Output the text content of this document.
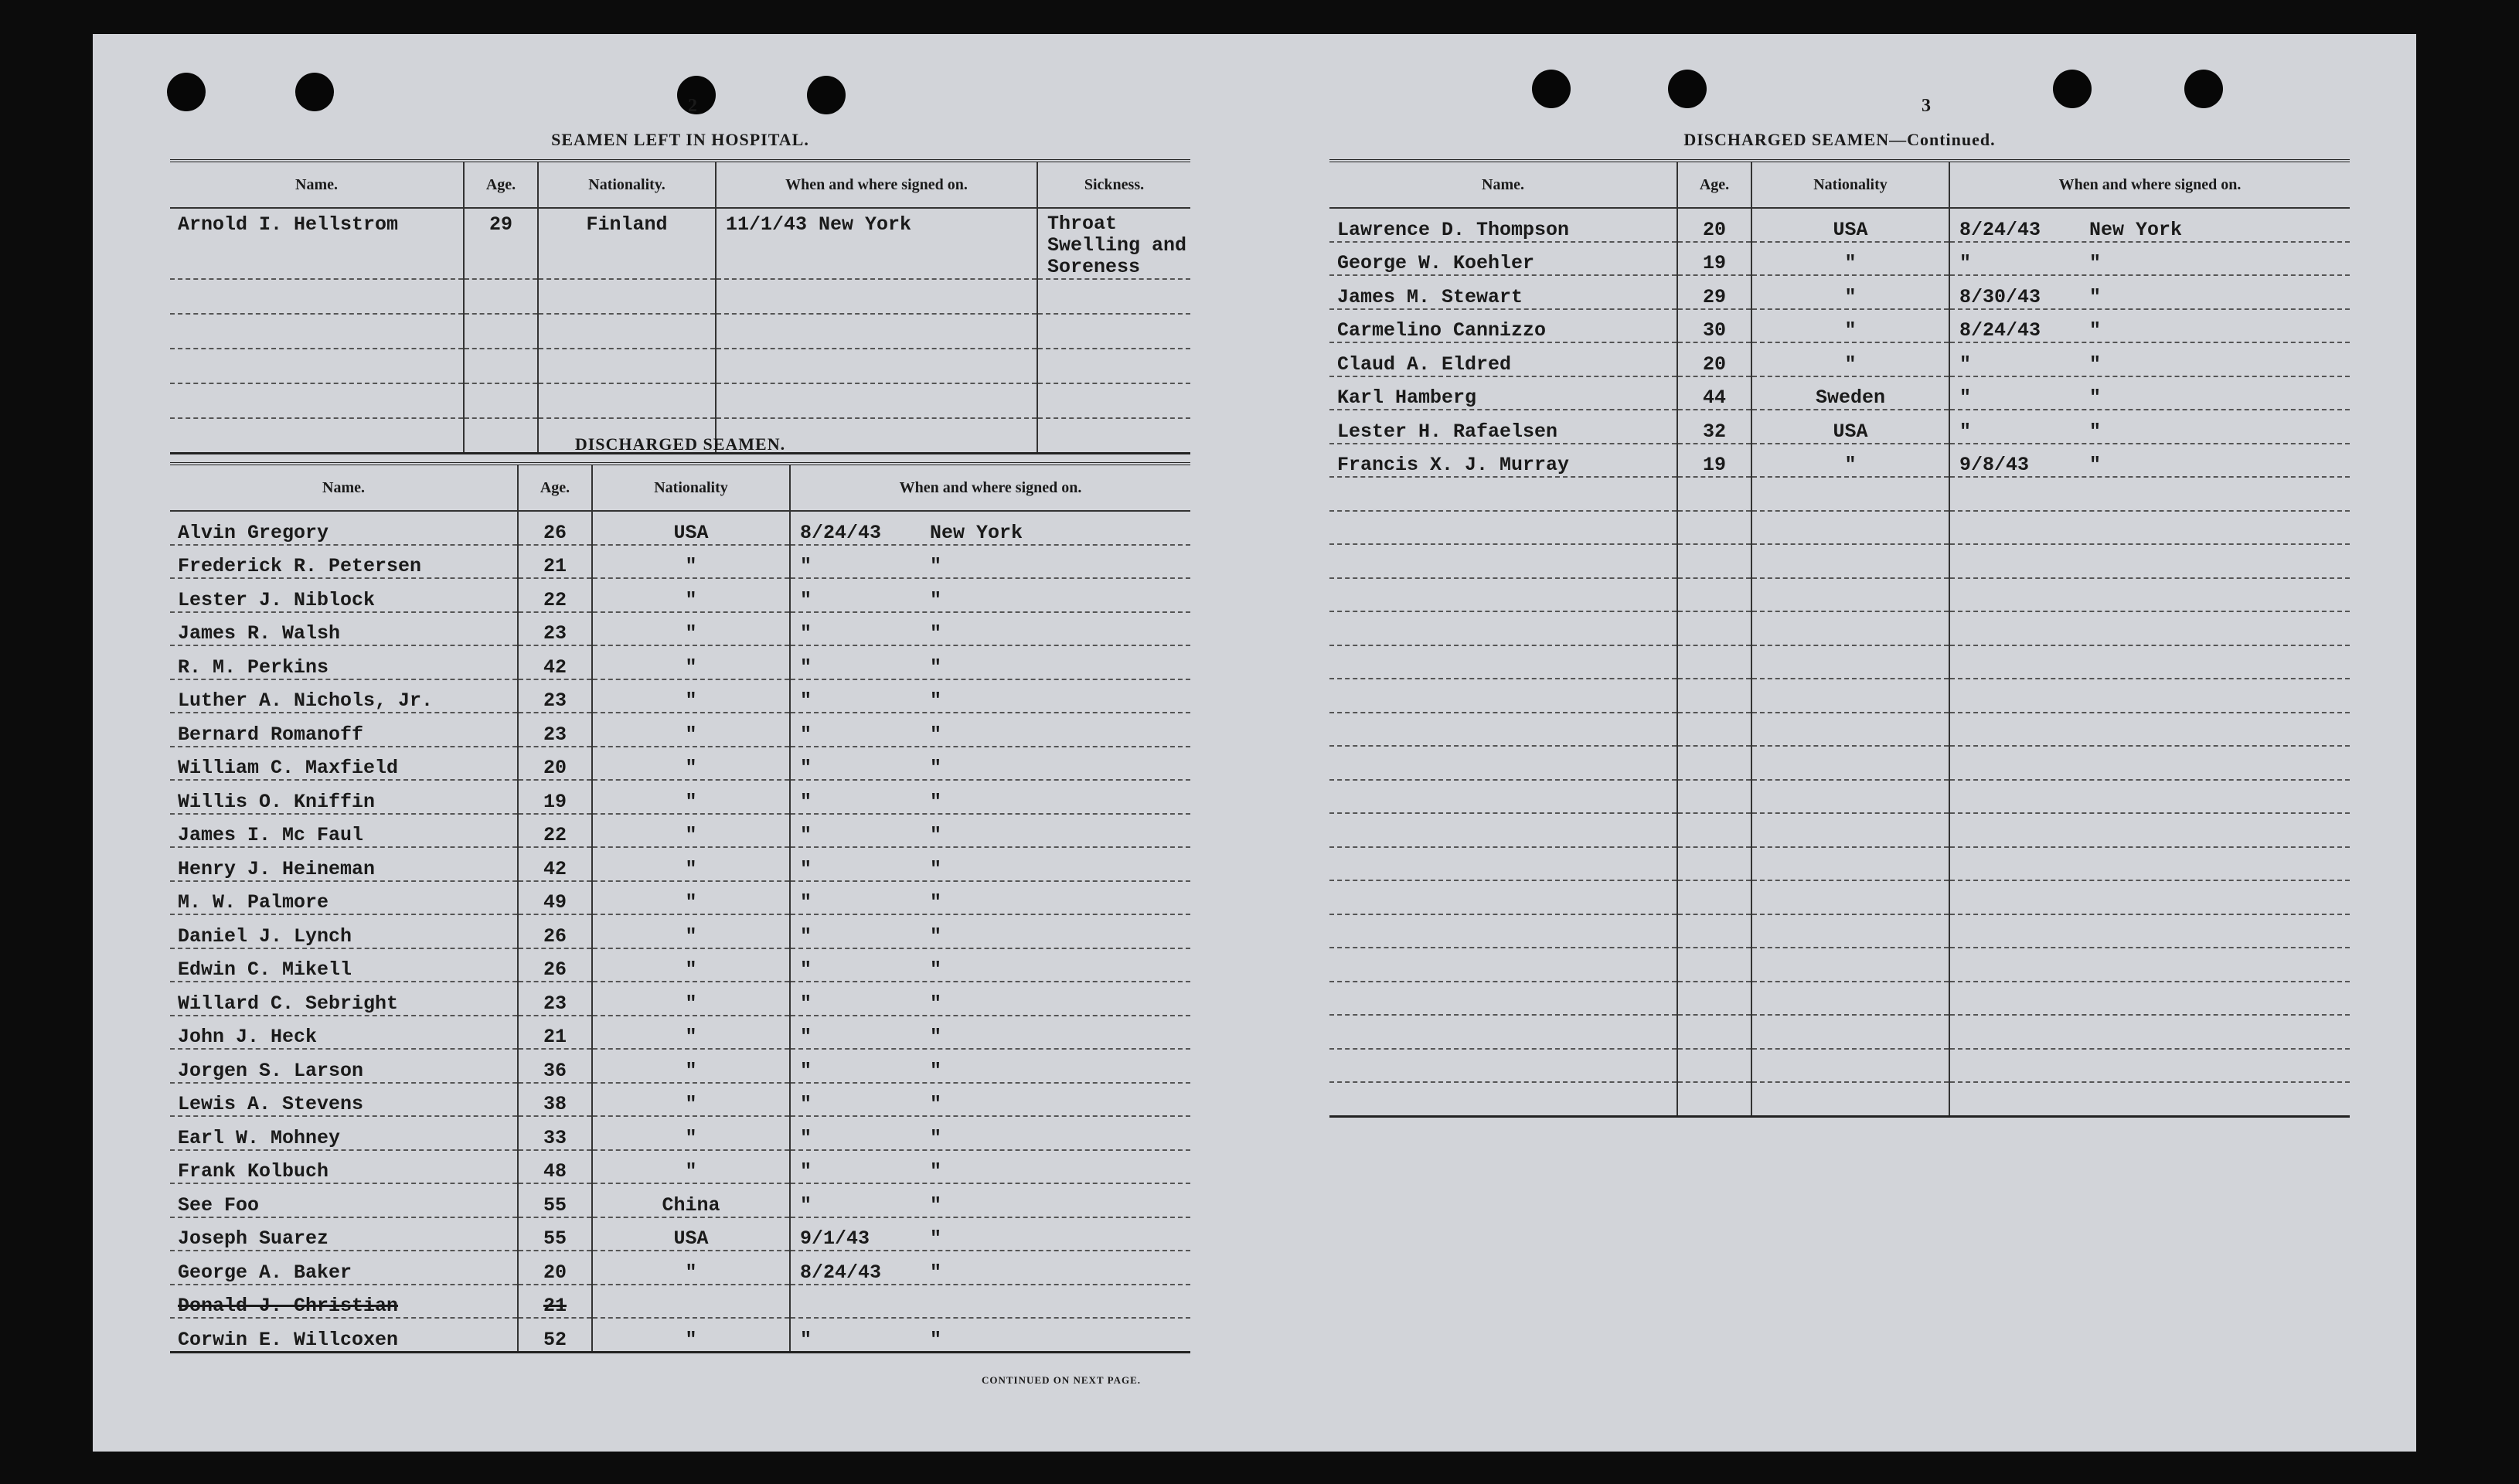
2
SEAMEN LEFT IN HOSPITAL.
Name.	Age.	Nationality.	When and where signed on.	Sickness.
Arnold I. Hellstrom	29	Finland	11/1/43 New York	Throat Swelling and Soreness

DISCHARGED SEAMEN.
Name.	Age.	Nationality	When and where signed on.
Alvin Gregory	26	USA	8/24/43 New York

Frederick R. Petersen	21	"	" "

Lester J. Niblock	22	"	" "

James R. Walsh	23	"	" "

R. M. Perkins	42	"	" "

Luther A. Nichols, Jr.	23	"	" "

Bernard Romanoff	23	"	" "

William C. Maxfield	20	"	" "

Willis O. Kniffin	19	"	" "

James I. Mc Faul	22	"	" "

Henry J. Heineman	42	"	" "

M. W. Palmore	49	"	" "

Daniel J. Lynch	26	"	" "

Edwin C. Mikell	26	"	" "

Willard C. Sebright	23	"	" "

John J. Heck	21	"	" "

Jorgen S. Larson	36	"	" "

Lewis A. Stevens	38	"	" "

Earl W. Mohney	33	"	" "

Frank Kolbuch	48	"	" "

See Foo	55	China	" "

Joseph Suarez	55	USA	9/1/43 "

George A. Baker	20	"	8/24/43 "

Donald J. Christian	21		

Corwin E. Willcoxen	52	"	" "
CONTINUED ON NEXT PAGE.
3
DISCHARGED SEAMEN—Continued.
Name.	Age.	Nationality	When and where signed on.
Lawrence D. Thompson	20	USA	8/24/43 New York

George W. Koehler	19	"	" "

James M. Stewart	29	"	8/30/43 "

Carmelino Cannizzo	30	"	8/24/43 "

Claud A. Eldred	20	"	" "

Karl Hamberg	44	Sweden	" "

Lester H. Rafaelsen	32	USA	" "

Francis X. J. Murray	19	"	9/8/43 "
